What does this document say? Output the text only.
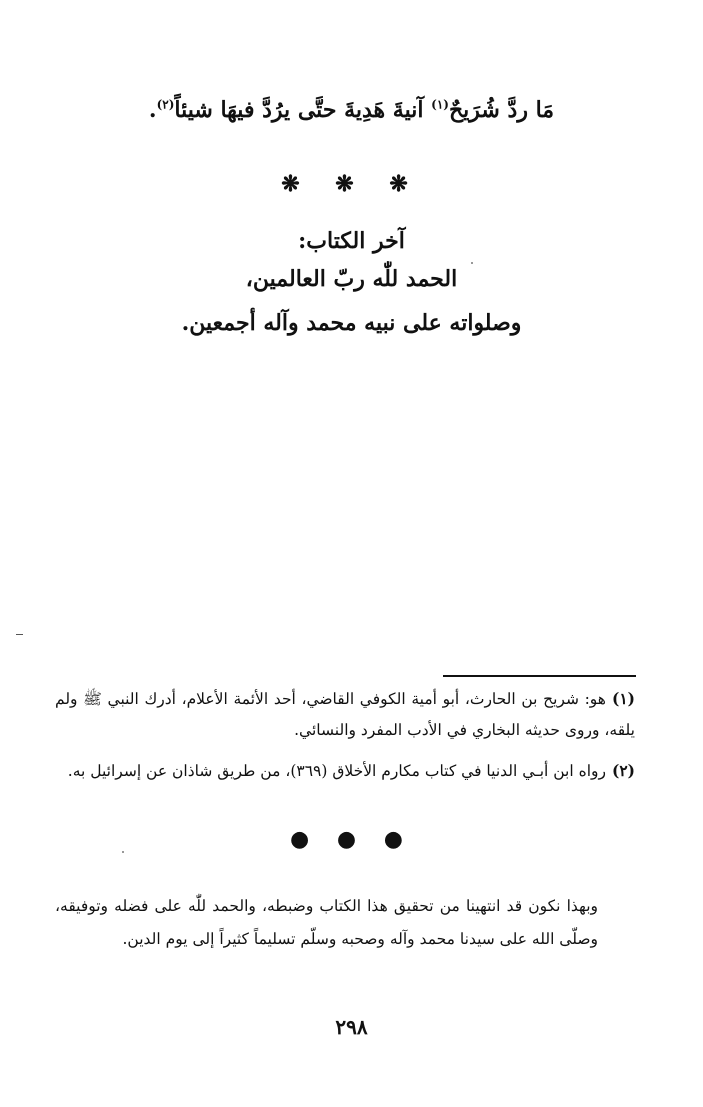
مَا ردَّ شُرَيحٌ$^{(١)}$ آنيةَ هَدِيةَ حتَّى يرُدَّ فيهَا شيئاً$^{(٢)}$.
❋ ❋ ❋
آخر الكتاب:
الحمد للّٰه ربّ العالمين،
وصلواته على نبيه محمد وآله أجمعين.
(١)هو: شريح بن الحارث، أبو أمية الكوفي القاضي، أحد الأئمة الأعلام، أدرك النبي ﷺ ولم يلقه، وروى حديثه البخاري في الأدب المفرد والنسائي.
(٢)رواه ابن أبـي الدنيا في كتاب مكارم الأخلاق (٣٦٩)، من طريق شاذان عن إسرائيل به.
● ● ●
وبهذا نكون قد انتهينا من تحقيق هذا الكتاب وضبطه، والحمد للّٰه على فضله وتوفيقه، وصلّى الله على سيدنا محمد وآله وصحبه وسلّم تسليماً كثيراً إلى يوم الدين.
٢٩٨
